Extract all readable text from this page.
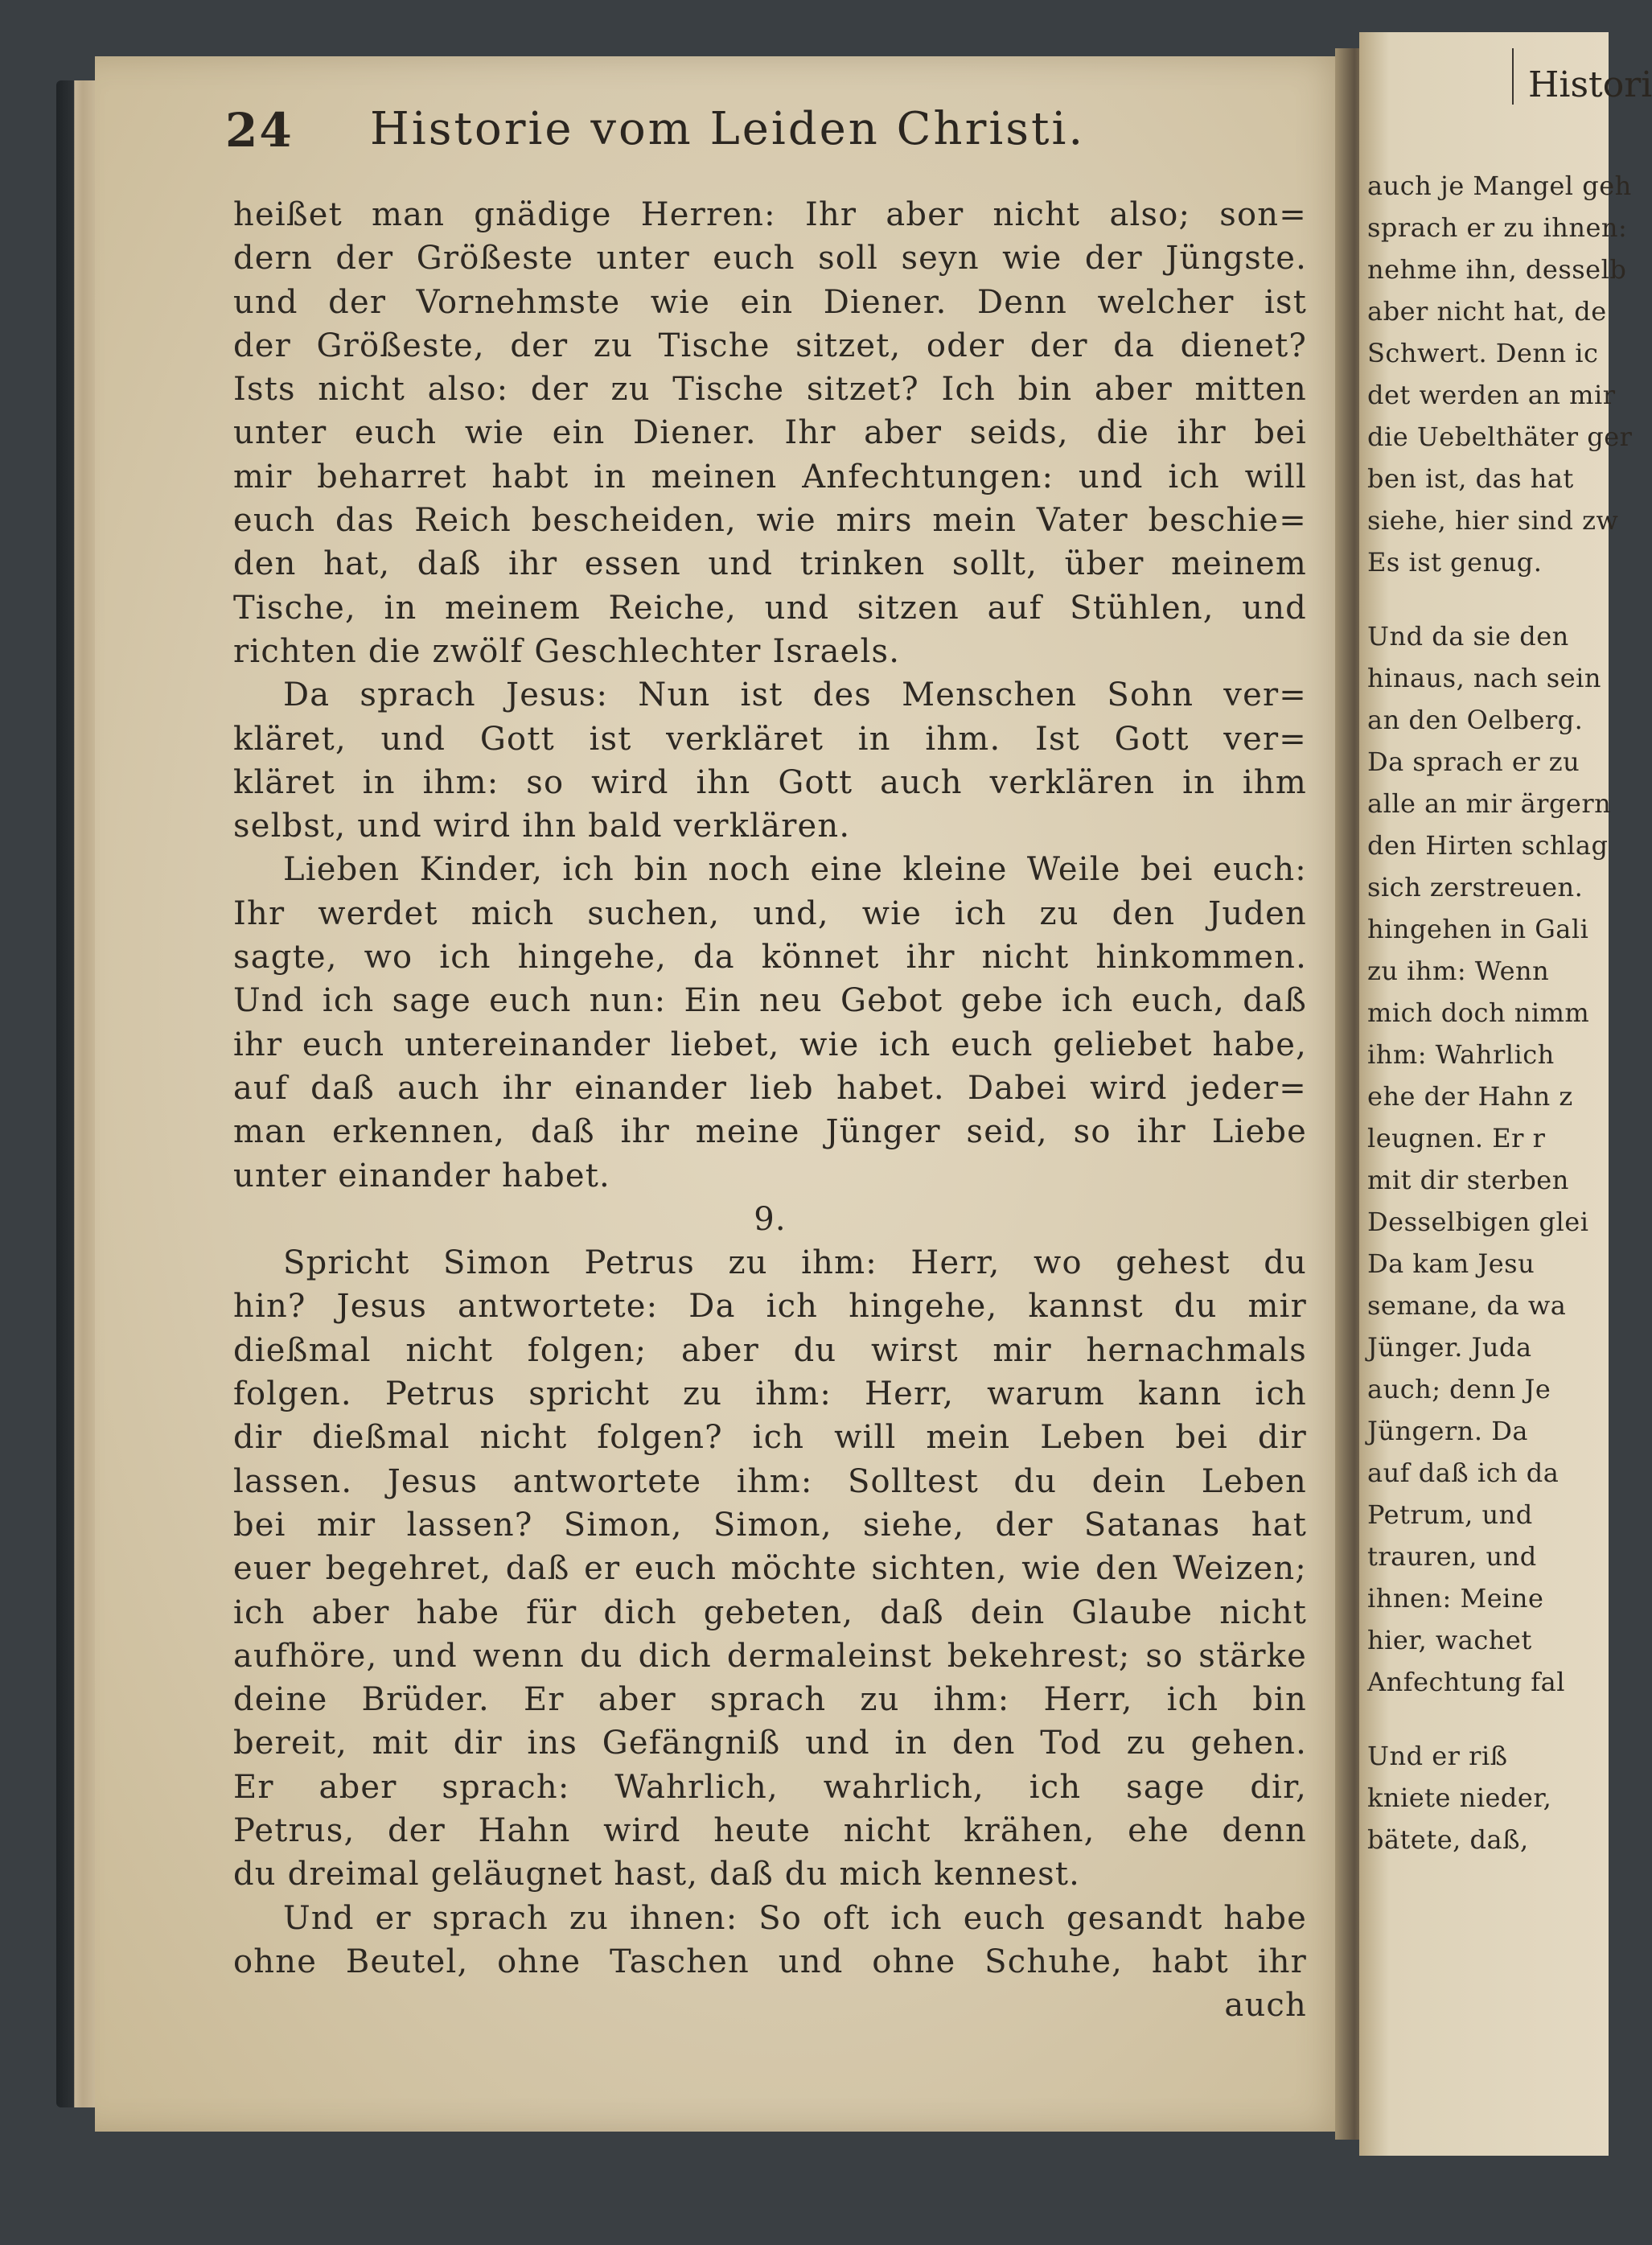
24 Historie vom Leiden Christi.
heißet man gnädige Herren: Ihr aber nicht also; son=
dern der Größeste unter euch soll seyn wie der Jüngste.
und der Vornehmste wie ein Diener. Denn welcher ist
der Größeste, der zu Tische sitzet, oder der da dienet?
Ists nicht also: der zu Tische sitzet? Ich bin aber mitten
unter euch wie ein Diener. Ihr aber seids, die ihr bei
mir beharret habt in meinen Anfechtungen: und ich will
euch das Reich bescheiden, wie mirs mein Vater beschie=
den hat, daß ihr essen und trinken sollt, über meinem
Tische, in meinem Reiche, und sitzen auf Stühlen, und
richten die zwölf Geschlechter Israels.
Da sprach Jesus: Nun ist des Menschen Sohn ver=
kläret, und Gott ist verkläret in ihm. Ist Gott ver=
kläret in ihm: so wird ihn Gott auch verklären in ihm
selbst, und wird ihn bald verklären.
Lieben Kinder, ich bin noch eine kleine Weile bei euch:
Ihr werdet mich suchen, und, wie ich zu den Juden
sagte, wo ich hingehe, da könnet ihr nicht hinkommen.
Und ich sage euch nun: Ein neu Gebot gebe ich euch, daß
ihr euch untereinander liebet, wie ich euch geliebet habe,
auf daß auch ihr einander lieb habet. Dabei wird jeder=
man erkennen, daß ihr meine Jünger seid, so ihr Liebe
unter einander habet.
9.
Spricht Simon Petrus zu ihm: Herr, wo gehest du
hin? Jesus antwortete: Da ich hingehe, kannst du mir
dießmal nicht folgen; aber du wirst mir hernachmals
folgen. Petrus spricht zu ihm: Herr, warum kann ich
dir dießmal nicht folgen? ich will mein Leben bei dir
lassen. Jesus antwortete ihm: Solltest du dein Leben
bei mir lassen? Simon, Simon, siehe, der Satanas hat
euer begehret, daß er euch möchte sichten, wie den Weizen;
ich aber habe für dich gebeten, daß dein Glaube nicht
aufhöre, und wenn du dich dermaleinst bekehrest; so stärke
deine Brüder. Er aber sprach zu ihm: Herr, ich bin
bereit, mit dir ins Gefängniß und in den Tod zu gehen.
Er aber sprach: Wahrlich, wahrlich, ich sage dir,
Petrus, der Hahn wird heute nicht krähen, ehe denn
du dreimal geläugnet hast, daß du mich kennest.
Und er sprach zu ihnen: So oft ich euch gesandt habe
ohne Beutel, ohne Taschen und ohne Schuhe, habt ihr
auch
Histori
auch je Mangel geh
sprach er zu ihnen:
nehme ihn, desselb
aber nicht hat, de
Schwert. Denn ic
det werden an mir
die Uebelthäter ger
ben ist, das hat
siehe, hier sind zw
Es ist genug.
Und da sie den
hinaus, nach sein
an den Oelberg.
Da sprach er zu
alle an mir ärgern
den Hirten schlag
sich zerstreuen.
hingehen in Gali
zu ihm: Wenn
mich doch nimm
ihm: Wahrlich
ehe der Hahn z
leugnen. Er r
mit dir sterben
Desselbigen glei
Da kam Jesu
semane, da wa
Jünger. Juda
auch; denn Je
Jüngern. Da
auf daß ich da
Petrum, und
trauren, und
ihnen: Meine
hier, wachet
Anfechtung fal
Und er riß
kniete nieder,
bätete, daß,
